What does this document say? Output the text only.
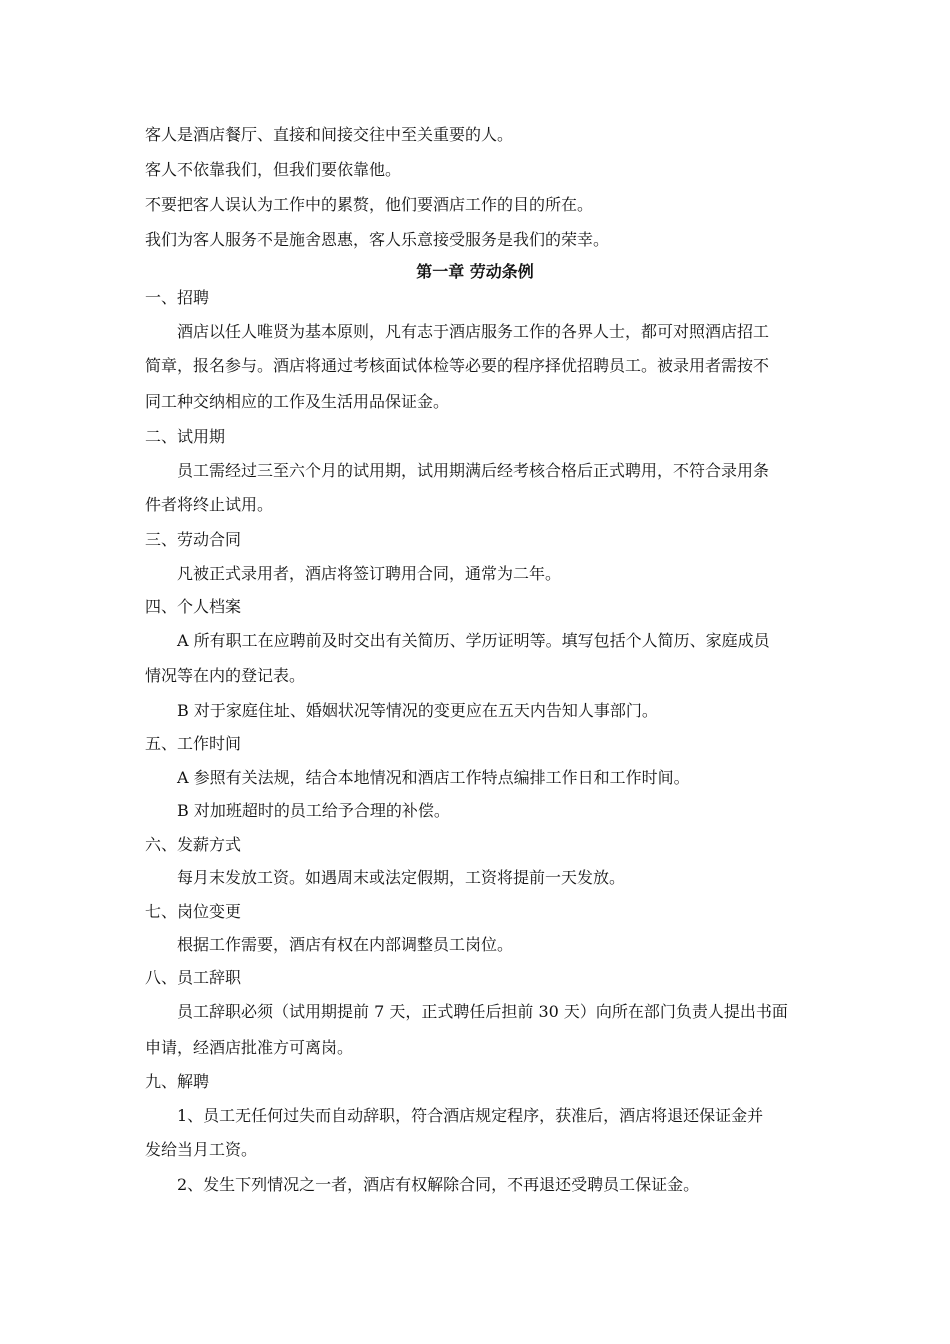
客人是酒店餐厅、直接和间接交往中至关重要的人。
客人不依靠我们，但我们要依靠他。
不要把客人误认为工作中的累赘，他们要酒店工作的目的所在。
我们为客人服务不是施舍恩惠，客人乐意接受服务是我们的荣幸。
第一章 劳动条例
一、招聘
酒店以任人唯贤为基本原则，凡有志于酒店服务工作的各界人士，都可对照酒店招工
简章，报名参与。酒店将通过考核面试体检等必要的程序择优招聘员工。被录用者需按不
同工种交纳相应的工作及生活用品保证金。
二、试用期
员工需经过三至六个月的试用期，试用期满后经考核合格后正式聘用，不符合录用条
件者将终止试用。
三、劳动合同
凡被正式录用者，酒店将签订聘用合同，通常为二年。
四、个人档案
A 所有职工在应聘前及时交出有关简历、学历证明等。填写包括个人简历、家庭成员
情况等在内的登记表。
B 对于家庭住址、婚姻状况等情况的变更应在五天内告知人事部门。
五、工作时间
A 参照有关法规，结合本地情况和酒店工作特点编排工作日和工作时间。
B 对加班超时的员工给予合理的补偿。
六、发薪方式
每月末发放工资。如遇周末或法定假期，工资将提前一天发放。
七、岗位变更
根据工作需要，酒店有权在内部调整员工岗位。
八、员工辞职
员工辞职必须（试用期提前 7 天，正式聘任后担前 30 天）向所在部门负责人提出书面
申请，经酒店批准方可离岗。
九、解聘
1、员工无任何过失而自动辞职，符合酒店规定程序，获准后，酒店将退还保证金并
发给当月工资。
2、发生下列情况之一者，酒店有权解除合同，不再退还受聘员工保证金。
